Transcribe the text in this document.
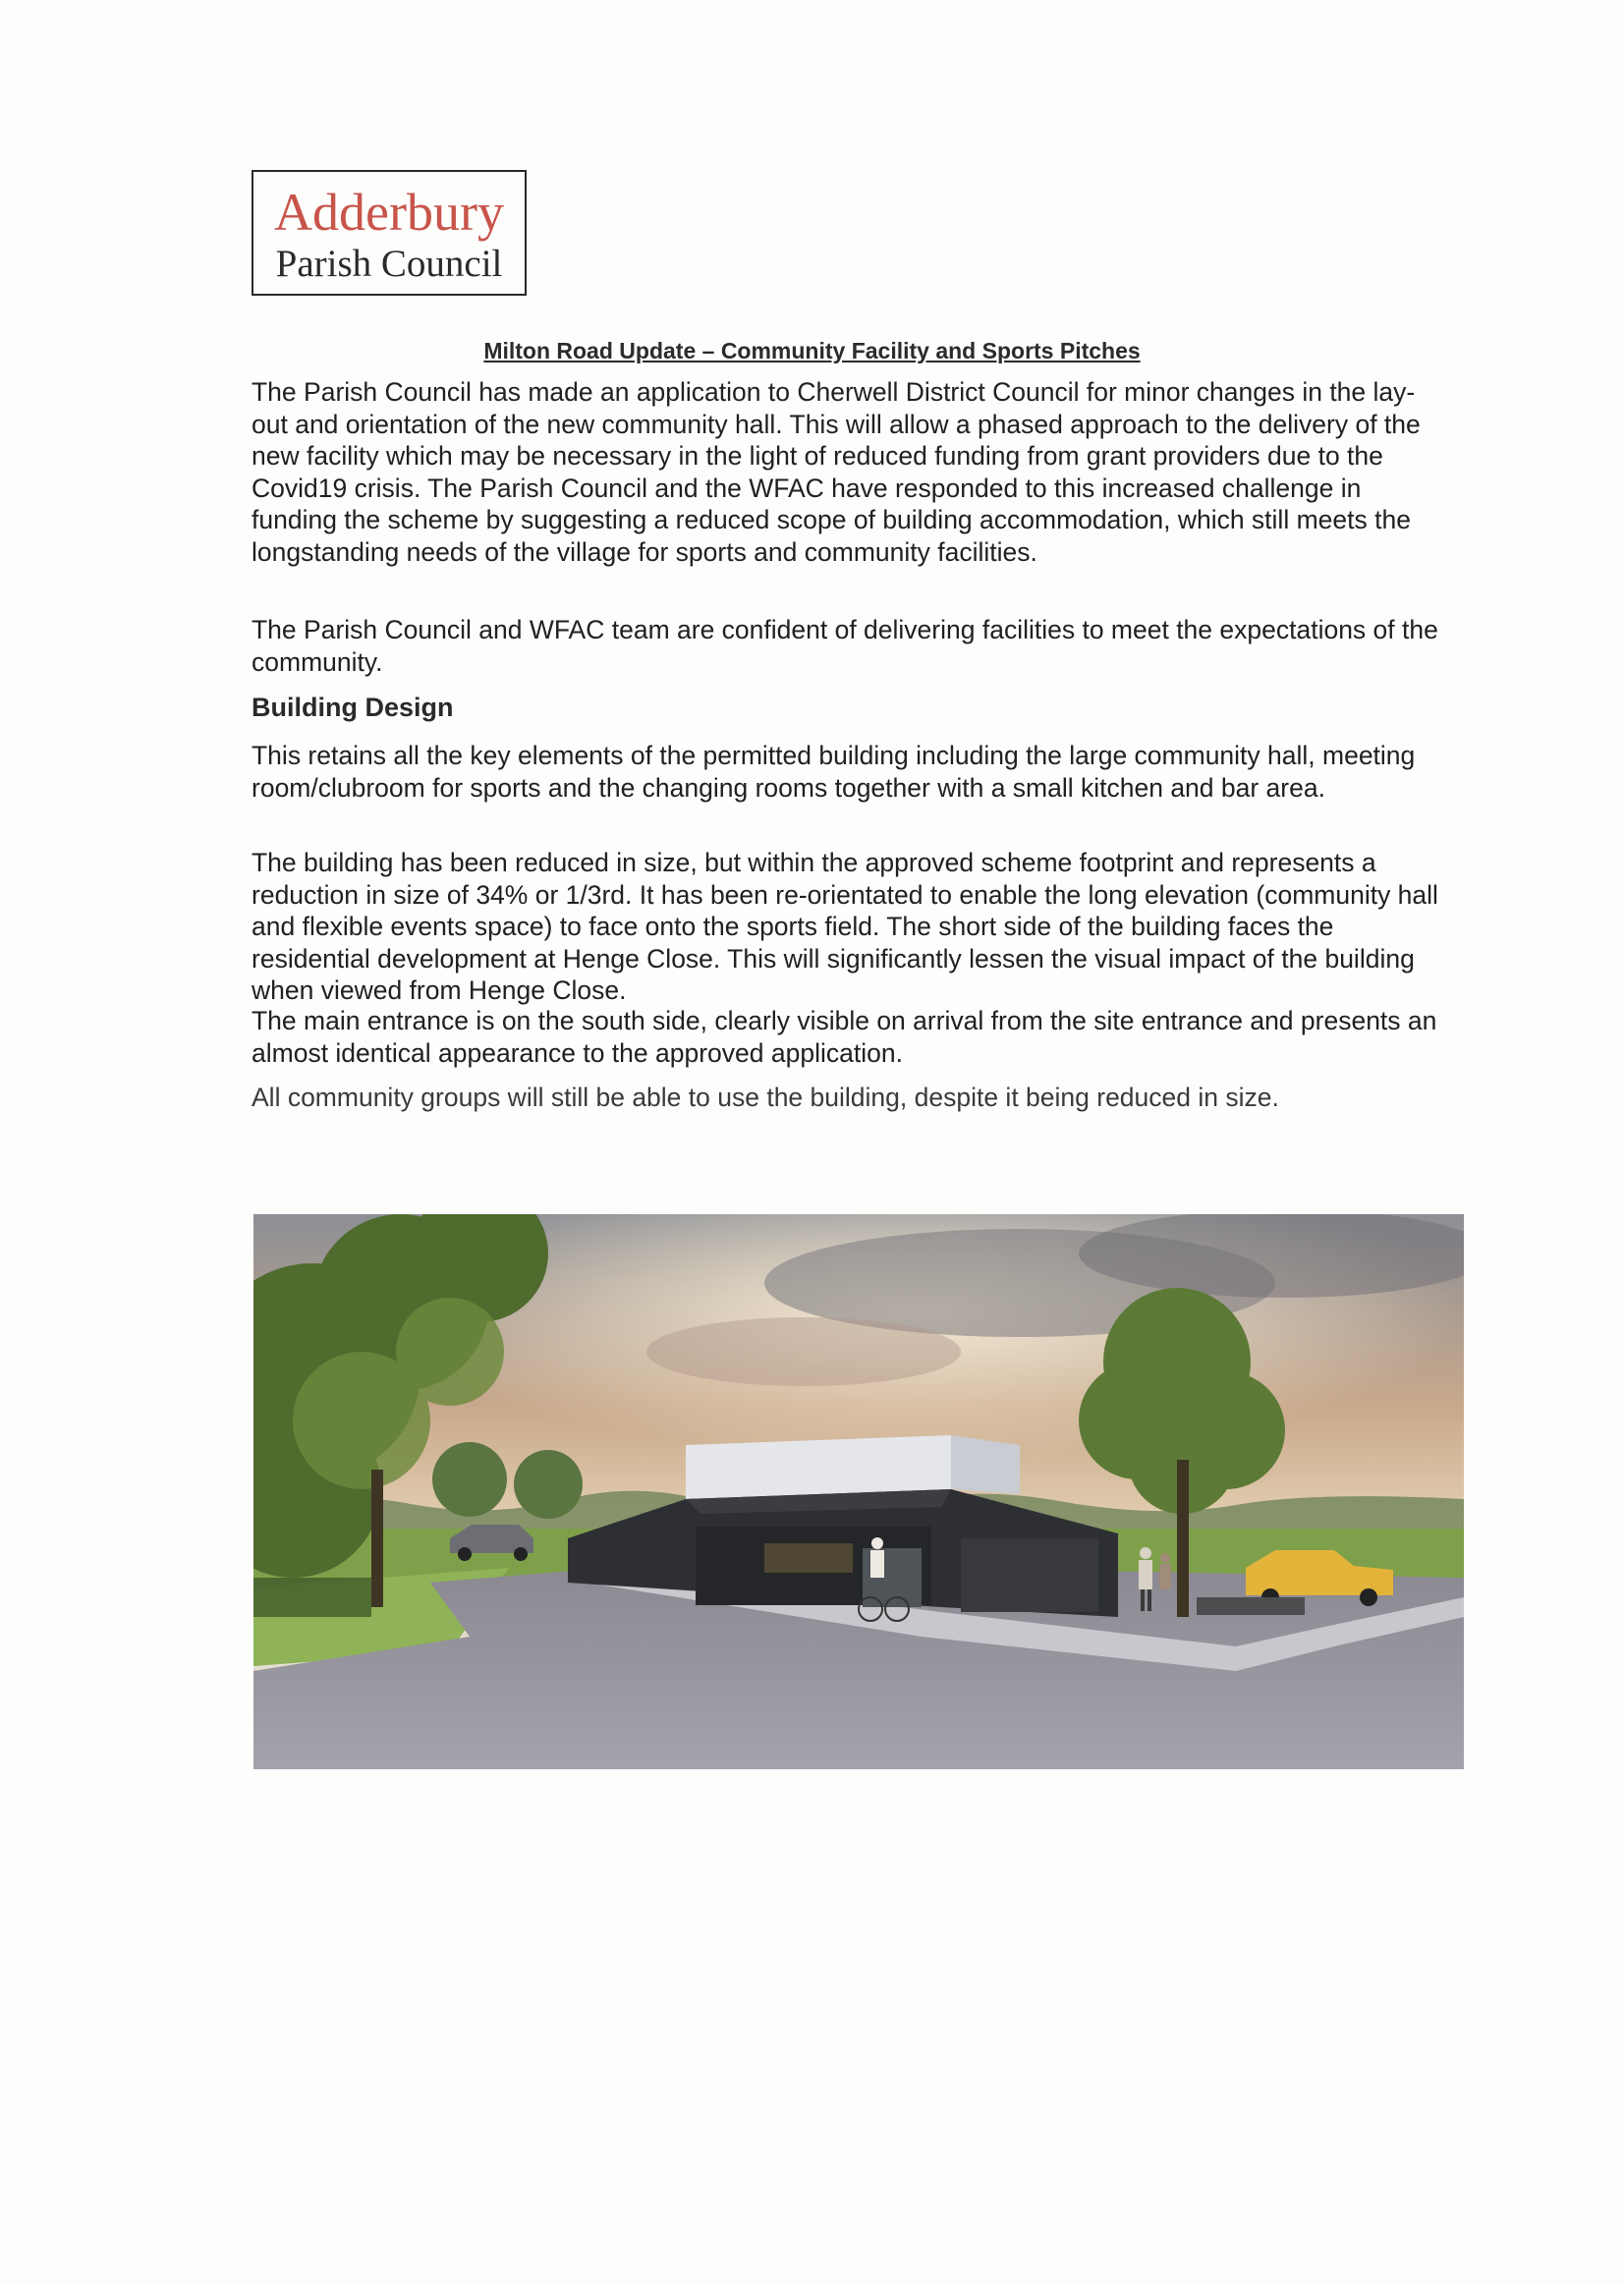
Adderbury
Parish Council
Milton Road Update – Community Facility and Sports Pitches

The Parish Council has made an application to Cherwell District Council for minor changes in the lay-out and orientation of the new community hall. This will allow a phased approach to the delivery of the new facility which may be necessary in the light of reduced funding from grant providers due to the Covid19 crisis. The Parish Council and the WFAC have responded to this increased challenge in funding the scheme by suggesting a reduced scope of building accommodation, which still meets the longstanding needs of the village for sports and community facilities.

The Parish Council and WFAC team are confident of delivering facilities to meet the expectations of the community.

Building Design

This retains all the key elements of the permitted building including the large community hall, meeting room/clubroom for sports and the changing rooms together with a small kitchen and bar area.

The building has been reduced in size, but within the approved scheme footprint and represents a reduction in size of 34% or 1/3rd. It has been re-orientated to enable the long elevation (community hall and flexible events space) to face onto the sports field. The short side of the building faces the residential development at Henge Close. This will significantly lessen the visual impact of the building when viewed from Henge Close.

The main entrance is on the south side, clearly visible on arrival from the site entrance and presents an almost identical appearance to the approved application.

All community groups will still be able to use the building, despite it being reduced in size.
